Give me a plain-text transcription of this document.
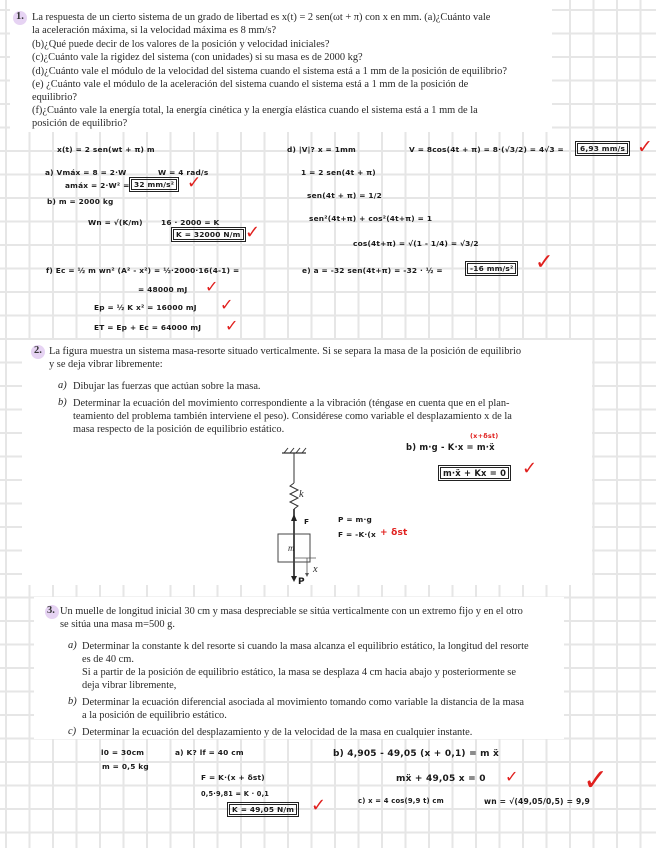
1. La respuesta de un cierto sistema de un grado de libertad es x(t) = 2 sen(ωt + π) con x en mm. (a)¿Cuánto vale
la aceleración máxima, si la velocidad máxima es 8 mm/s?
(b)¿Qué puede decir de los valores de la posición y velocidad iniciales?
(c)¿Cuánto vale la rigidez del sistema (con unidades) si su masa es de 2000 kg?
(d)¿Cuánto vale el módulo de la velocidad del sistema cuando el sistema está a 1 mm de la posición de equilibrio?
(e) ¿Cuánto vale el módulo de la aceleración del sistema cuando el sistema está a 1 mm de la posición de
equilibrio?
(f)¿Cuánto vale la energía total, la energía cinética y la energía elástica cuando el sistema está a 1 mm de la
posición de equilibrio?
x(t) = 2 sen(wt + π) m
a) Vmáx = 8 = 2·W	W = 4 rad/s
amáx = 2·W² = 32 mm/s² ✓
b) m = 2000 kg
Wn = √(K/m) 16 · 2000 = K
K = 32000 N/m ✓
d) |V|? x = 1mm	V = 8cos(4t + π) = 8·(√3/2) = 4√3 =	6,93 mm/s ✓
1 = 2 sen(4t + π)
sen(4t + π) = 1/2
sen²(4t+π) + cos²(4t+π) = 1
cos(4t+π) = √(1 - 1/4) = √3/2
f) Ec = ½ m wn² (A² - x²) = ½·2000·16(4-1) =
= 48000 mJ ✓
Ep = ½ K x² = 16000 mJ ✓
ET = Ep + Ec = 64000 mJ ✓
e) a = -32 sen(4t+π) = -32 · ½ =	-16 mm/s² ✓
2. La figura muestra un sistema masa-resorte situado verticalmente. Si se separa la masa de la posición de equilibrio
y se deja vibrar libremente:
a) Dibujar las fuerzas que actúan sobre la masa.
b) Determinar la ecuación del movimiento correspondiente a la vibración (téngase en cuenta que en el plan-
teamiento del problema también interviene el peso). Considérese como variable el desplazamiento x de la
masa respecto de la posición de equilibrio estático.
k
m
x
F
P
(x+δst)
b) m·g - K·x = m·ẍ
m·ẍ + Kx = 0 ✓
P = m·g
F = -K·(x + δst
3. Un muelle de longitud inicial 30 cm y masa despreciable se sitúa verticalmente con un extremo fijo y en el otro
se sitúa una masa m=500 g.
a) Determinar la constante k del resorte si cuando la masa alcanza el equilibrio estático, la longitud del resorte
es de 40 cm.
Si a partir de la posición de equilibrio estático, la masa se desplaza 4 cm hacia abajo y posteriormente se
deja vibrar libremente,
b) Determinar la ecuación diferencial asociada al movimiento tomando como variable la distancia de la masa
a la posición de equilibrio estático.
c) Determinar la ecuación del desplazamiento y de la velocidad de la masa en cualquier instante.
l0 = 30cm
m = 0,5 kg
a) K? lf = 40 cm
F = K·(x + δst)
0,5·9,81 = K · 0,1
K = 49,05 N/m ✓
b) 4,905 - 49,05 (x + 0,1) = m ẍ
mẍ + 49,05 x = 0 ✓
c) x = 4 cos(9,9 t) cm	wn = √(49,05/0,5) = 9,9
✓
